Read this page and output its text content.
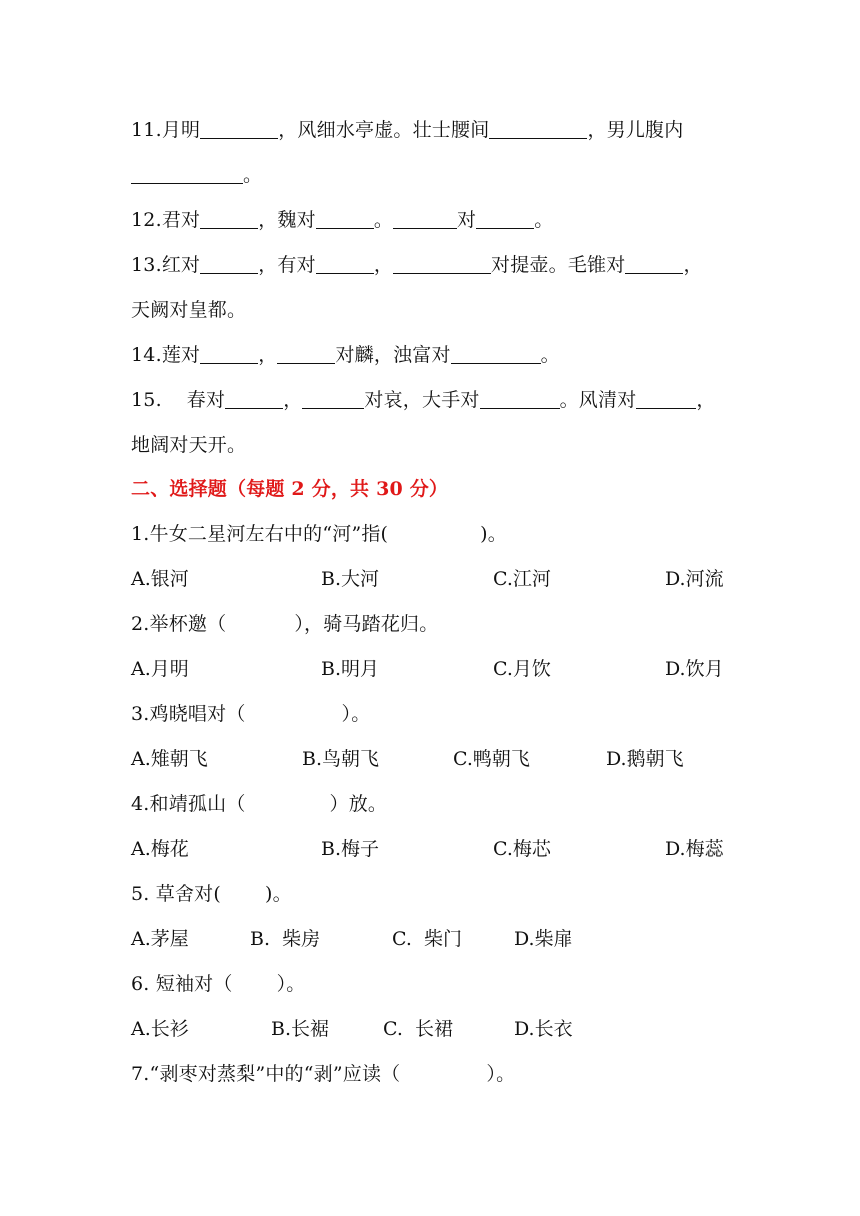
11.月明	，风细水亭虚。壮士腰间	，男儿腹内
。
12.君对	，魏对	。	对	。
13.红对	，有对	，	对提壶。毛锥对	，
天阙对皇都。
14.莲对	，	对麟，浊富对	。
15. 春对	，	对哀，大手对	。风清对	，
地阔对天开。
二、选择题（每题 2 分，共 30 分）
1.牛女二星河左右中的“河”指(	)。
A.银河	B.大河	C.江河	D.河流
2.举杯邀（	），骑马踏花归。
A.月明	B.明月	C.月饮	D.饮月
3.鸡晓唱对（	）。
A.雉朝飞	B.鸟朝飞	C.鸭朝飞	D.鹅朝飞
4.和靖孤山（	）放。
A.梅花	B.梅子	C.梅芯	D.梅蕊
5. 草舍对( )。
A.茅屋	B.  柴房	C.  柴门	D.柴扉
6. 短袖对（ ）。
A.长衫	B.长裾	C.  长裙	D.长衣
7.“剥枣对蒸梨”中的“剥”应读（	）。
